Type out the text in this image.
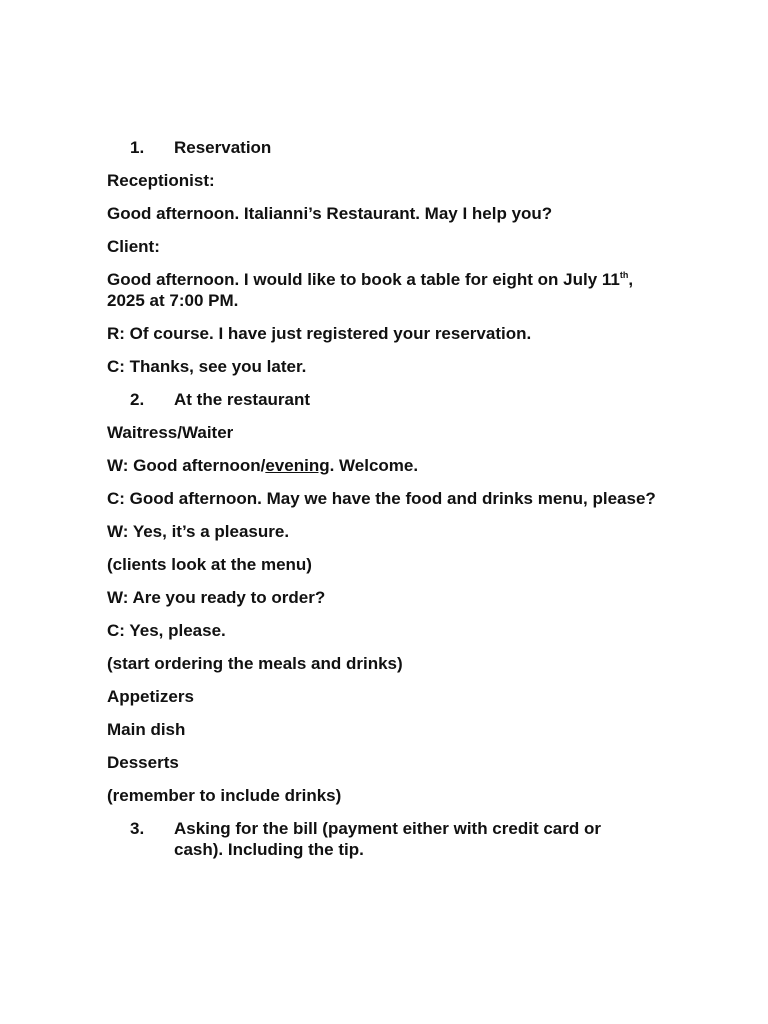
1.	Reservation

Receptionist:

Good afternoon. Italianni’s Restaurant. May I help you?

Client:

Good afternoon. I would like to book a table for eight on July 11th, 2025 at 7:00 PM.

R: Of course. I have just registered your reservation.

C: Thanks, see you later.

2.	At the restaurant

Waitress/Waiter

W: Good afternoon/evening. Welcome.

C: Good afternoon. May we have the food and drinks menu, please?

W: Yes, it’s a pleasure.

(clients look at the menu)

W: Are you ready to order?

C: Yes, please.

(start ordering the meals and drinks)

Appetizers

Main dish

Desserts

(remember to include drinks)

3.	Asking for the bill (payment either with credit card or cash). Including the tip.
